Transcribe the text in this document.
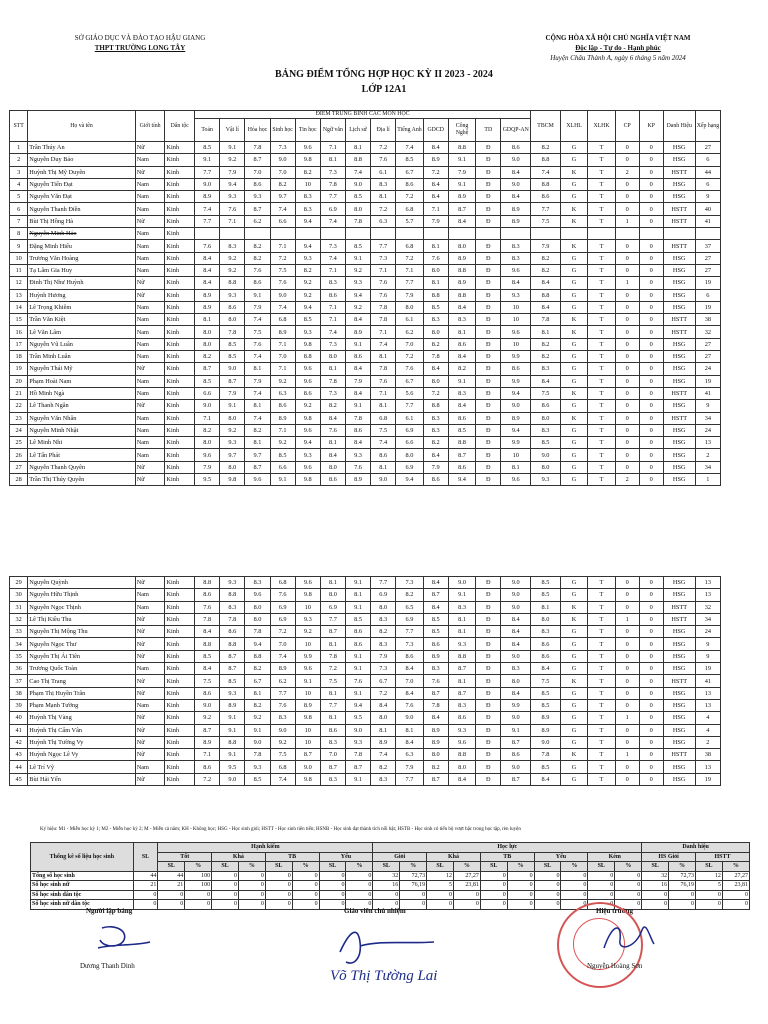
SỞ GIÁO DỤC VÀ ĐÀO TẠO HẬU GIANG
THPT TRƯỜNG LONG TÂY
CỘNG HÒA XÃ HỘI CHỦ NGHĨA VIỆT NAM
Độc lập - Tự do - Hạnh phúc
Huyện Châu Thành A, ngày 6 tháng 5 năm 2024
BẢNG ĐIỂM TỔNG HỢP HỌC KỲ II 2023 - 2024
LỚP 12A1
STT	Họ và tên	Giới tính	Dân tộc	ĐIỂM TRUNG BÌNH CÁC MÔN HỌC													TBCM	XLHL	XLHK	CP	KP	Danh Hiệu	Xếp hạng
				Toán	Vật lí	Hóa học	Sinh học	Tin học	Ngữ văn	Lịch sử	Địa lí	Tiếng Anh	GDCD	Công Nghệ	TD	GDQP-AN							
1	Trần Thúy An	Nữ	Kinh	8.5	9.1	7.8	7.3	9.6	7.1	8.1	7.2	7.4	8.4	8.8	Đ	8.6	8.2	G	T	0	0	HSG	27
2	Nguyễn Duy Bảo	Nam	Kinh	9.1	9.2	8.7	9.0	9.8	8.1	8.8	7.6	8.5	8.9	9.1	Đ	9.0	8.8	G	T	0	0	HSG	6
3	Huỳnh Thị Mỹ Duyên	Nữ	Kinh	7.7	7.9	7.0	7.0	8.2	7.3	7.4	6.1	6.7	7.2	7.9	Đ	8.4	7.4	K	T	2	0	HSTT	44
4	Nguyễn Tiến Đạt	Nam	Kinh	9.0	9.4	8.6	8.2	10	7.8	9.0	8.3	8.6	8.4	9.1	Đ	9.0	8.8	G	T	0	0	HSG	6
5	Nguyễn Văn Đạt	Nam	Kinh	8.9	9.3	9.3	9.7	8.3	7.7	8.5	8.1	7.2	8.4	8.9	Đ	8.4	8.6	G	T	0	0	HSG	9
6	Nguyễn Thanh Điền	Nam	Kinh	7.4	7.6	8.7	7.4	8.3	6.9	8.0	7.2	6.8	7.1	8.7	Đ	8.9	7.7	K	T	0	0	HSTT	40
7	Bùi Thị Hồng Hà	Nữ	Kinh	7.7	7.1	6.2	6.6	9.4	7.4	7.8	6.3	5.7	7.9	8.4	Đ	8.9	7.5	K	T	1	0	HSTT	41
8	Nguyễn Minh Hảo	Nam	Kinh																				
9	Đặng Minh Hiếu	Nam	Kinh	7.6	8.3	8.2	7.1	9.4	7.3	8.5	7.7	6.8	8.1	8.0	Đ	8.3	7.9	K	T	0	0	HSTT	37
10	Trương Văn Hoàng	Nam	Kinh	8.4	9.2	8.2	7.2	9.3	7.4	9.1	7.3	7.2	7.6	8.9	Đ	8.3	8.2	G	T	0	0	HSG	27
11	Tạ Lâm Gia Huy	Nam	Kinh	8.4	9.2	7.6	7.5	8.2	7.1	9.2	7.1	7.1	8.0	8.8	Đ	9.6	8.2	G	T	0	0	HSG	27
12	Đinh Thị Như Huỳnh	Nữ	Kinh	8.4	8.8	8.6	7.6	9.2	8.3	9.3	7.6	7.7	8.1	8.9	Đ	8.4	8.4	G	T	1	0	HSG	19
13	Huỳnh Hương	Nữ	Kinh	8.9	9.3	9.1	9.0	9.2	8.6	9.4	7.6	7.9	8.8	8.8	Đ	9.3	8.8	G	T	0	0	HSG	6
14	Lê Trọng Khiêm	Nam	Kinh	8.9	8.6	7.9	7.4	9.4	7.1	9.2	7.8	8.0	8.5	8.4	Đ	10	8.4	G	T	0	0	HSG	19
15	Trần Văn Kiệt	Nam	Kinh	8.1	8.0	7.4	6.8	8.5	7.1	8.4	7.8	6.1	8.3	8.3	Đ	10	7.8	K	T	0	0	HSTT	38
16	Lê Văn Lâm	Nam	Kinh	8.0	7.8	7.5	8.9	9.3	7.4	8.9	7.1	6.2	8.0	8.1	Đ	9.6	8.1	K	T	0	0	HSTT	32
17	Nguyễn Vũ Luân	Nam	Kinh	8.0	8.5	7.6	7.1	9.8	7.3	9.1	7.4	7.0	8.2	8.6	Đ	10	8.2	G	T	0	0	HSG	27
18	Trần Minh Luân	Nam	Kinh	8.2	8.5	7.4	7.0	8.8	8.0	8.6	8.1	7.2	7.8	8.4	Đ	9.9	8.2	G	T	0	0	HSG	27
19	Nguyễn Thái Mỹ	Nữ	Kinh	8.7	9.0	8.1	7.1	9.6	8.1	8.4	7.8	7.6	8.4	8.2	Đ	8.6	8.3	G	T	0	0	HSG	24
20	Phạm Hoài Nam	Nam	Kinh	8.5	8.7	7.9	9.2	9.6	7.8	7.9	7.6	6.7	8.0	9.1	Đ	9.9	8.4	G	T	0	0	HSG	19
21	Hồ Minh Ngà	Nam	Kinh	6.6	7.9	7.4	6.3	8.6	7.3	8.4	7.1	5.6	7.2	8.3	Đ	9.4	7.5	K	T	0	0	HSTT	41
22	Lê Thanh Ngân	Nữ	Kinh	9.0	9.1	8.1	8.6	9.2	8.2	9.1	8.1	7.7	8.8	8.4	Đ	9.0	8.6	G	T	0	0	HSG	9
23	Nguyễn Văn Nhân	Nam	Kinh	7.1	8.0	7.4	8.9	9.8	8.4	7.8	6.8	6.1	8.3	8.6	Đ	8.9	8.0	K	T	0	0	HSTT	34
24	Nguyễn Minh Nhật	Nam	Kinh	8.2	9.2	8.2	7.1	9.6	7.6	8.6	7.5	6.9	8.3	8.5	Đ	9.4	8.3	G	T	0	0	HSG	24
25	Lê Minh Nhi	Nam	Kinh	8.0	9.3	8.1	9.2	9.4	8.1	8.4	7.4	6.6	8.2	8.8	Đ	9.9	8.5	G	T	0	0	HSG	13
26	Lê Tấn Phát	Nam	Kinh	9.6	9.7	9.7	8.5	9.3	8.4	9.3	8.6	8.0	8.4	8.7	Đ	10	9.0	G	T	0	0	HSG	2
27	Nguyễn Thanh Quyên	Nữ	Kinh	7.9	8.0	8.7	6.6	9.6	8.0	7.6	8.1	6.9	7.9	8.6	Đ	8.1	8.0	G	T	0	0	HSG	34
28	Trần Thị Thúy Quyên	Nữ	Kinh	9.5	9.8	9.6	9.1	9.8	8.6	8.9	9.0	9.4	8.6	9.4	Đ	9.6	9.3	G	T	2	0	HSG	1
29	Nguyễn Quỳnh	Nữ	Kinh	8.8	9.3	8.3	6.8	9.6	8.1	9.1	7.7	7.3	8.4	9.0	Đ	9.0	8.5	G	T	0	0	HSG	13
30	Nguyễn Hữu Thịnh	Nam	Kinh	8.6	8.8	9.6	7.6	9.8	8.0	8.1	6.9	8.2	8.7	9.1	Đ	9.0	8.5	G	T	0	0	HSG	13
31	Nguyễn Ngọc Thịnh	Nam	Kinh	7.6	8.3	8.0	6.9	10	6.9	9.1	8.0	6.5	8.4	8.3	Đ	9.0	8.1	K	T	0	0	HSTT	32
32	Lê Thị Kiều Thu	Nữ	Kinh	7.8	7.8	8.0	6.9	9.3	7.7	8.5	8.3	6.9	8.5	8.1	Đ	8.4	8.0	K	T	1	0	HSTT	34
33	Nguyễn Thị Mộng Thu	Nữ	Kinh	8.4	8.6	7.8	7.2	9.2	8.7	8.6	8.2	7.7	8.5	8.1	Đ	8.4	8.3	G	T	0	0	HSG	24
34	Nguyễn Ngọc Thư	Nữ	Kinh	8.8	8.8	9.4	7.0	10	8.1	8.6	8.3	7.3	8.6	9.3	Đ	8.4	8.6	G	T	0	0	HSG	9
35	Nguyễn Thị Ái Tiên	Nữ	Kinh	8.5	8.7	8.8	7.4	9.9	7.8	9.1	7.9	8.6	8.9	8.8	Đ	9.0	8.6	G	T	0	0	HSG	9
36	Trương Quốc Toàn	Nam	Kinh	8.4	8.7	8.2	8.9	9.6	7.2	9.1	7.3	8.4	8.3	8.7	Đ	8.3	8.4	G	T	0	0	HSG	19
37	Cao Thị Trang	Nữ	Kinh	7.5	8.5	6.7	6.2	9.1	7.5	7.6	6.7	7.0	7.6	8.1	Đ	8.0	7.5	K	T	0	0	HSTT	41
38	Phạm Thị Huyền Trân	Nữ	Kinh	8.6	9.3	8.1	7.7	10	8.1	9.1	7.2	8.4	8.7	8.7	Đ	8.4	8.5	G	T	0	0	HSG	13
39	Phạm Mạnh Tường	Nam	Kinh	9.0	8.9	8.2	7.6	8.9	7.7	9.4	8.4	7.6	7.8	8.3	Đ	9.9	8.5	G	T	0	0	HSG	13
40	Huỳnh Thị Vàng	Nữ	Kinh	9.2	9.1	9.2	8.3	9.8	8.1	9.5	8.0	9.0	8.4	8.6	Đ	9.0	8.9	G	T	1	0	HSG	4
41	Huỳnh Thị Cẩm Vân	Nữ	Kinh	8.7	9.1	9.1	9.0	10	8.6	9.0	8.1	8.1	8.9	9.3	Đ	9.1	8.9	G	T	0	0	HSG	4
42	Huỳnh Thị Tường Vy	Nữ	Kinh	8.9	8.8	9.0	9.2	10	8.3	9.3	8.9	8.4	8.9	9.6	Đ	8.7	9.0	G	T	0	0	HSG	2
43	Huỳnh Ngọc Lê Vy	Nữ	Kinh	7.1	9.1	7.8	7.5	8.7	7.0	7.8	7.4	6.3	8.0	8.8	Đ	8.6	7.8	K	T	1	0	HSTT	38
44	Lê Trí Vỹ	Nam	Kinh	8.6	9.5	9.3	6.8	9.0	8.7	8.7	8.2	7.9	8.2	8.0	Đ	9.0	8.5	G	T	0	0	HSG	13
45	Bùi Hải Yến	Nữ	Kinh	7.2	9.0	8.5	7.4	9.8	8.3	9.1	8.3	7.7	8.7	8.4	Đ	8.7	8.4	G	T	0	0	HSG	19
Ký hiệu: M1 - Miễn học kỳ 1; M2 - Miễn học kỳ 2; M - Miễn cả năm; KH - Không học; HSG - Học sinh giỏi; HSTT - Học sinh tiên tiến; HSNB - Học sinh đạt thành tích nổi bật; HSTB - Học sinh có tiến bộ vượt bậc trong học tập, rèn luyện
Thống kê số liệu học sinh	SL	Hạnh kiểm								Học lực										Danh hiệu			
		Tốt		Khá		TB		Yếu		Giỏi		Khá		TB		Yếu		Kém		HS Giỏi		HSTT	
		SL	%	SL	%	SL	%	SL	%	SL	%	SL	%	SL	%	SL	%	SL	%	SL	%	SL	%
Tổng số học sinh	44	44	100	0	0	0	0	0	0	32	72,73	12	27,27	0	0	0	0	0	0	32	72,73	12	27,27
Số học sinh nữ	21	21	100	0	0	0	0	0	0	16	76,19	5	23,81	0	0	0	0	0	0	16	76,19	5	23,81
Số học sinh dân tộc	0	0	0	0	0	0	0	0	0	0	0	0	0	0	0	0	0	0	0	0	0	0	0
Số học sinh nữ dân tộc	0	0	0	0	0	0	0	0	0	0	0	0	0	0	0	0	0	0	0	0	0	0	0
Người lập bảng
Dương Thanh Dinh
Giáo viên chủ nhiệm
Võ Thị Tường Lai
Hiệu trưởng
Nguyễn Hoàng Sơn
